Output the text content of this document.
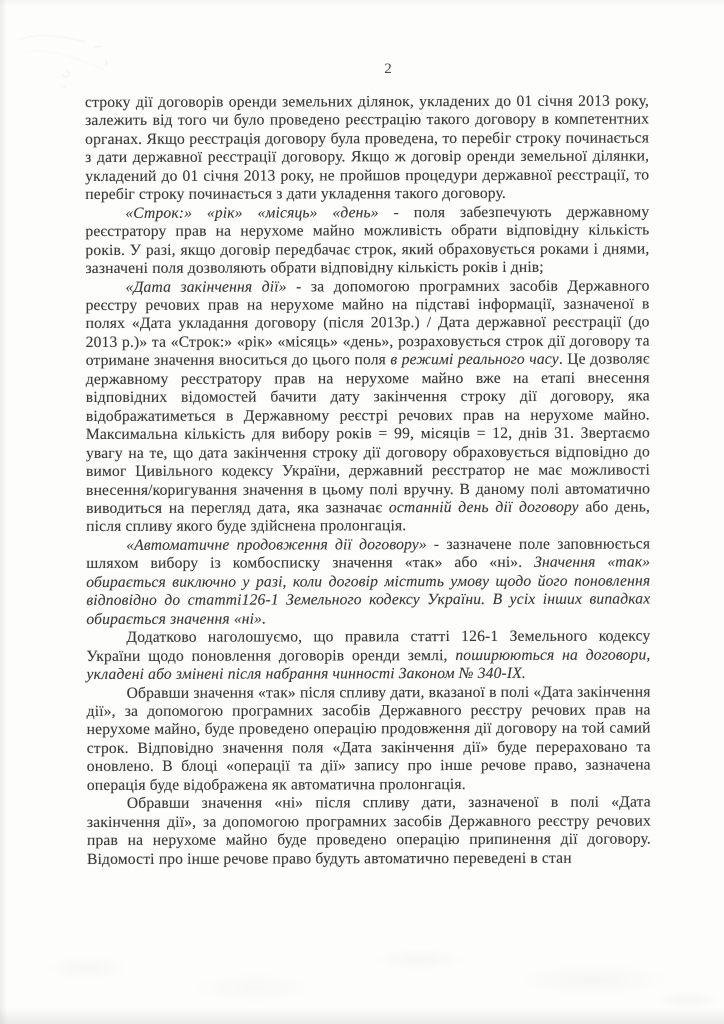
2

строку дії договорів оренди земельних ділянок, укладених до 01 січня 2013 року, залежить від того чи було проведено реєстрацію такого договору в компетентних органах. Якщо реєстрація договору була проведена, то перебіг строку починається з дати державної реєстрації договору. Якщо ж договір оренди земельної ділянки, укладений до 01 січня 2013 року, не пройшов процедури державної реєстрації, то перебіг строку починається з дати укладення такого договору.

«Строк:» «рік» «місяць» «день» - поля забезпечують державному реєстратору прав на нерухоме майно можливість обрати відповідну кількість років. У разі, якщо договір передбачає строк, який обраховується роками і днями, зазначені поля дозволяють обрати відповідну кількість років і днів;

«Дата закінчення дії» - за допомогою програмних засобів Державного реєстру речових прав на нерухоме майно на підставі інформації, зазначеної в полях «Дата укладання договору (після 2013р.) / Дата державної реєстрації (до 2013 р.)» та «Строк:» «рік» «місяць» «день», розраховується строк дії договору та отримане значення вноситься до цього поля в режимі реального часу. Це дозволяє державному реєстратору прав на нерухоме майно вже на етапі внесення відповідних відомостей бачити дату закінчення строку дії договору, яка відображатиметься в Державному реєстрі речових прав на нерухоме майно. Максимальна кількість для вибору років = 99, місяців = 12, днів 31. Звертаємо увагу на те, що дата закінчення строку дії договору обраховується відповідно до вимог Цивільного кодексу України, державний реєстратор не має можливості внесення/коригування значення в цьому полі вручну. В даному полі автоматично виводиться на перегляд дата, яка зазначає останній день дії договору або день, після спливу якого буде здійснена пролонгація.

«Автоматичне продовження дії договору» - зазначене поле заповнюється шляхом вибору із комбосписку значення «так» або «ні». Значення «так» обирається виключно у разі, коли договір містить умову щодо його поновлення відповідно до статті126-1 Земельного кодексу України. В усіх інших випадках обирається значення «ні».

Додатково наголошуємо, що правила статті 126-1 Земельного кодексу України щодо поновлення договорів оренди землі, поширюються на договори, укладені або змінені після набрання чинності Законом № 340-IX.

Обравши значення «так» після спливу дати, вказаної в полі «Дата закінчення дії», за допомогою програмних засобів Державного реєстру речових прав на нерухоме майно, буде проведено операцію продовження дії договору на той самий строк. Відповідно значення поля «Дата закінчення дії» буде перераховано та оновлено. В блоці «операції та дії» запису про інше речове право, зазначена операція буде відображена як автоматична пролонгація.

Обравши значення «ні» після спливу дати, зазначеної в полі «Дата закінчення дії», за допомогою програмних засобів Державного реєстру речових прав на нерухоме майно буде проведено операцію припинення дії договору. Відомості про інше речове право будуть автоматично переведені в стан
